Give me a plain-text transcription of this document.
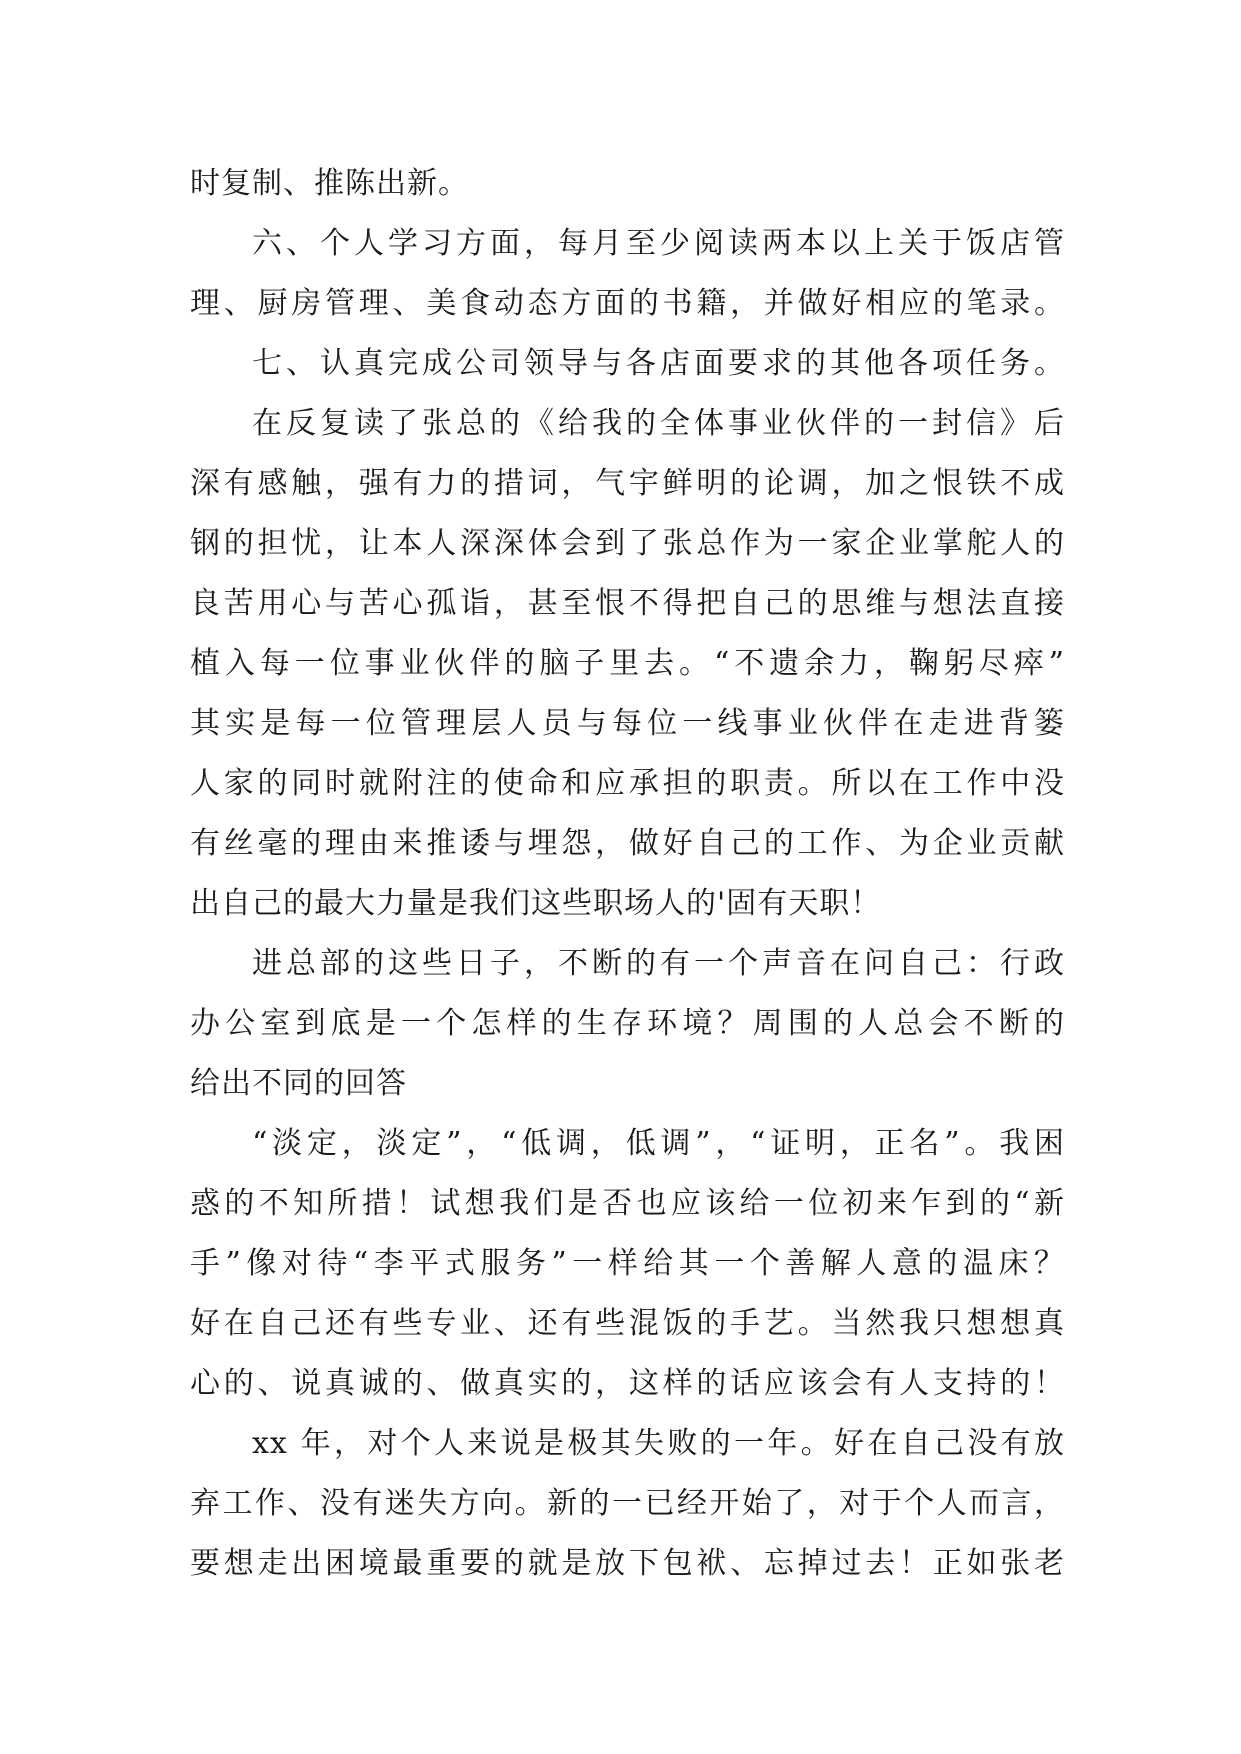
时复制、推陈出新。
六、个人学习方面，每月至少阅读两本以上关于饭店管
理、厨房管理、美食动态方面的书籍，并做好相应的笔录。
七、认真完成公司领导与各店面要求的其他各项任务。
在反复读了张总的《给我的全体事业伙伴的一封信》后
深有感触，强有力的措词，气宇鲜明的论调，加之恨铁不成
钢的担忧，让本人深深体会到了张总作为一家企业掌舵人的
良苦用心与苦心孤诣，甚至恨不得把自己的思维与想法直接
植入每一位事业伙伴的脑子里去。“不遗余力，鞠躬尽瘁”
其实是每一位管理层人员与每位一线事业伙伴在走进背篓
人家的同时就附注的使命和应承担的职责。所以在工作中没
有丝毫的理由来推诿与埋怨，做好自己的工作、为企业贡献
出自己的最大力量是我们这些职场人的'固有天职！
进总部的这些日子，不断的有一个声音在问自己：行政
办公室到底是一个怎样的生存环境？周围的人总会不断的
给出不同的回答
“淡定，淡定”，“低调，低调”，“证明，正名”。我困
惑的不知所措！试想我们是否也应该给一位初来乍到的“新
手”像对待“李平式服务”一样给其一个善解人意的温床？
好在自己还有些专业、还有些混饭的手艺。当然我只想想真
心的、说真诚的、做真实的，这样的话应该会有人支持的！
xx 年，对个人来说是极其失败的一年。好在自己没有放
弃工作、没有迷失方向。新的一已经开始了，对于个人而言，
要想走出困境最重要的就是放下包袱、忘掉过去！正如张老
